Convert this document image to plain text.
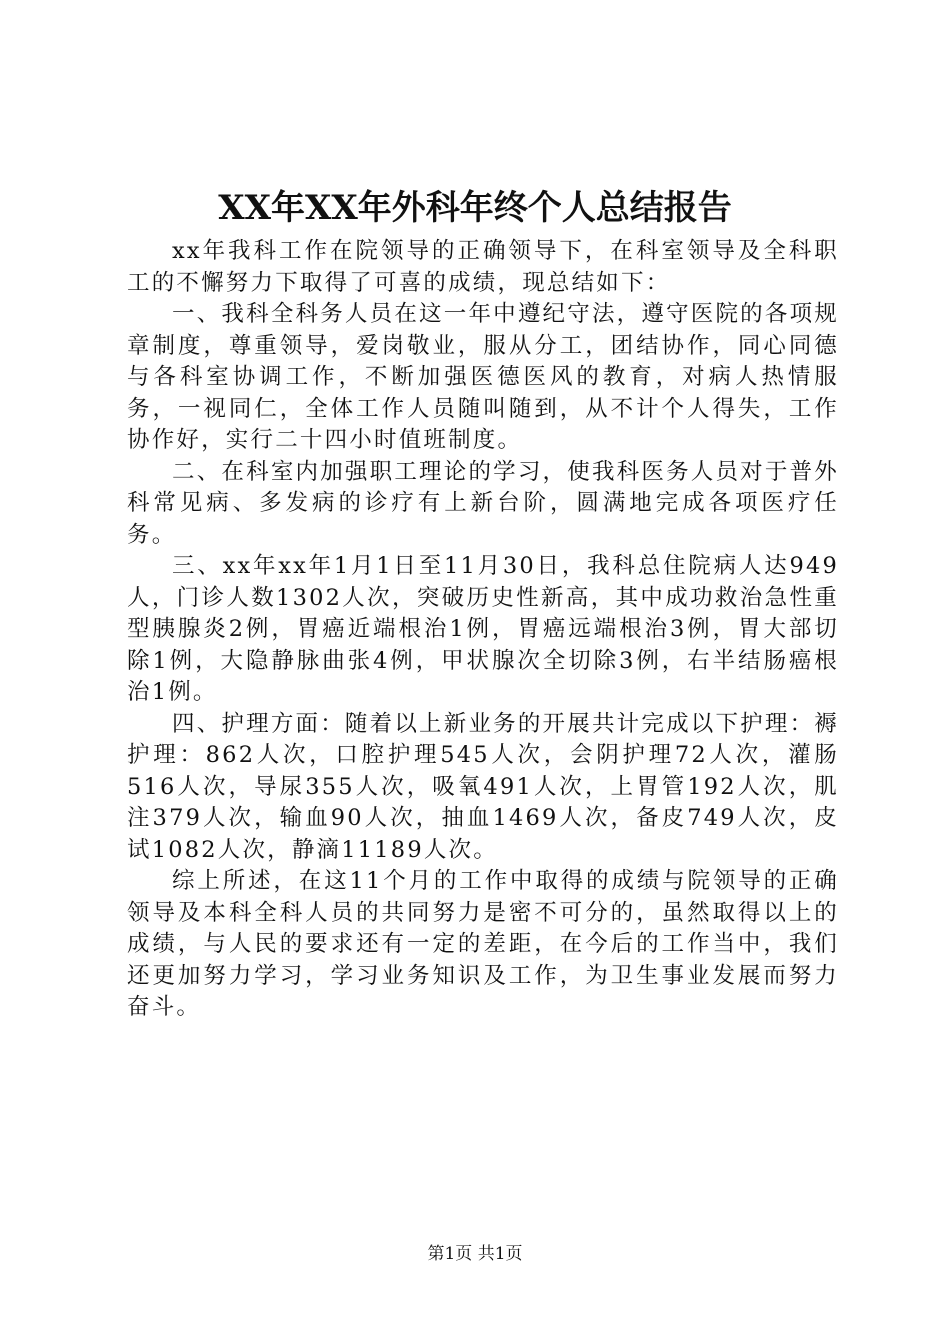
XX年XX年外科年终个人总结报告

xx年我科工作在院领导的正确领导下，在科室领导及全科职工的不懈努力下取得了可喜的成绩，现总结如下：

一、我科全科务人员在这一年中遵纪守法，遵守医院的各项规章制度，尊重领导，爱岗敬业，服从分工，团结协作，同心同德与各科室协调工作，不断加强医德医风的教育，对病人热情服务，一视同仁，全体工作人员随叫随到，从不计个人得失，工作协作好，实行二十四小时值班制度。

二、在科室内加强职工理论的学习，使我科医务人员对于普外科常见病、多发病的诊疗有上新台阶，圆满地完成各项医疗任务。

三、xx年xx年1月1日至11月30日，我科总住院病人达949人，门诊人数1302人次，突破历史性新高，其中成功救治急性重型胰腺炎2例，胃癌近端根治1例，胃癌远端根治3例，胃大部切除1例，大隐静脉曲张4例，甲状腺次全切除3例，右半结肠癌根治1例。

四、护理方面：随着以上新业务的开展共计完成以下护理：褥护理：862人次，口腔护理545人次，会阴护理72人次，灌肠516人次，导尿355人次，吸氧491人次，上胃管192人次，肌注379人次，输血90人次，抽血1469人次，备皮749人次，皮试1082人次，静滴11189人次。

综上所述，在这11个月的工作中取得的成绩与院领导的正确领导及本科全科人员的共同努力是密不可分的，虽然取得以上的成绩，与人民的要求还有一定的差距，在今后的工作当中，我们还更加努力学习，学习业务知识及工作，为卫生事业发展而努力奋斗。

第1页 共1页
